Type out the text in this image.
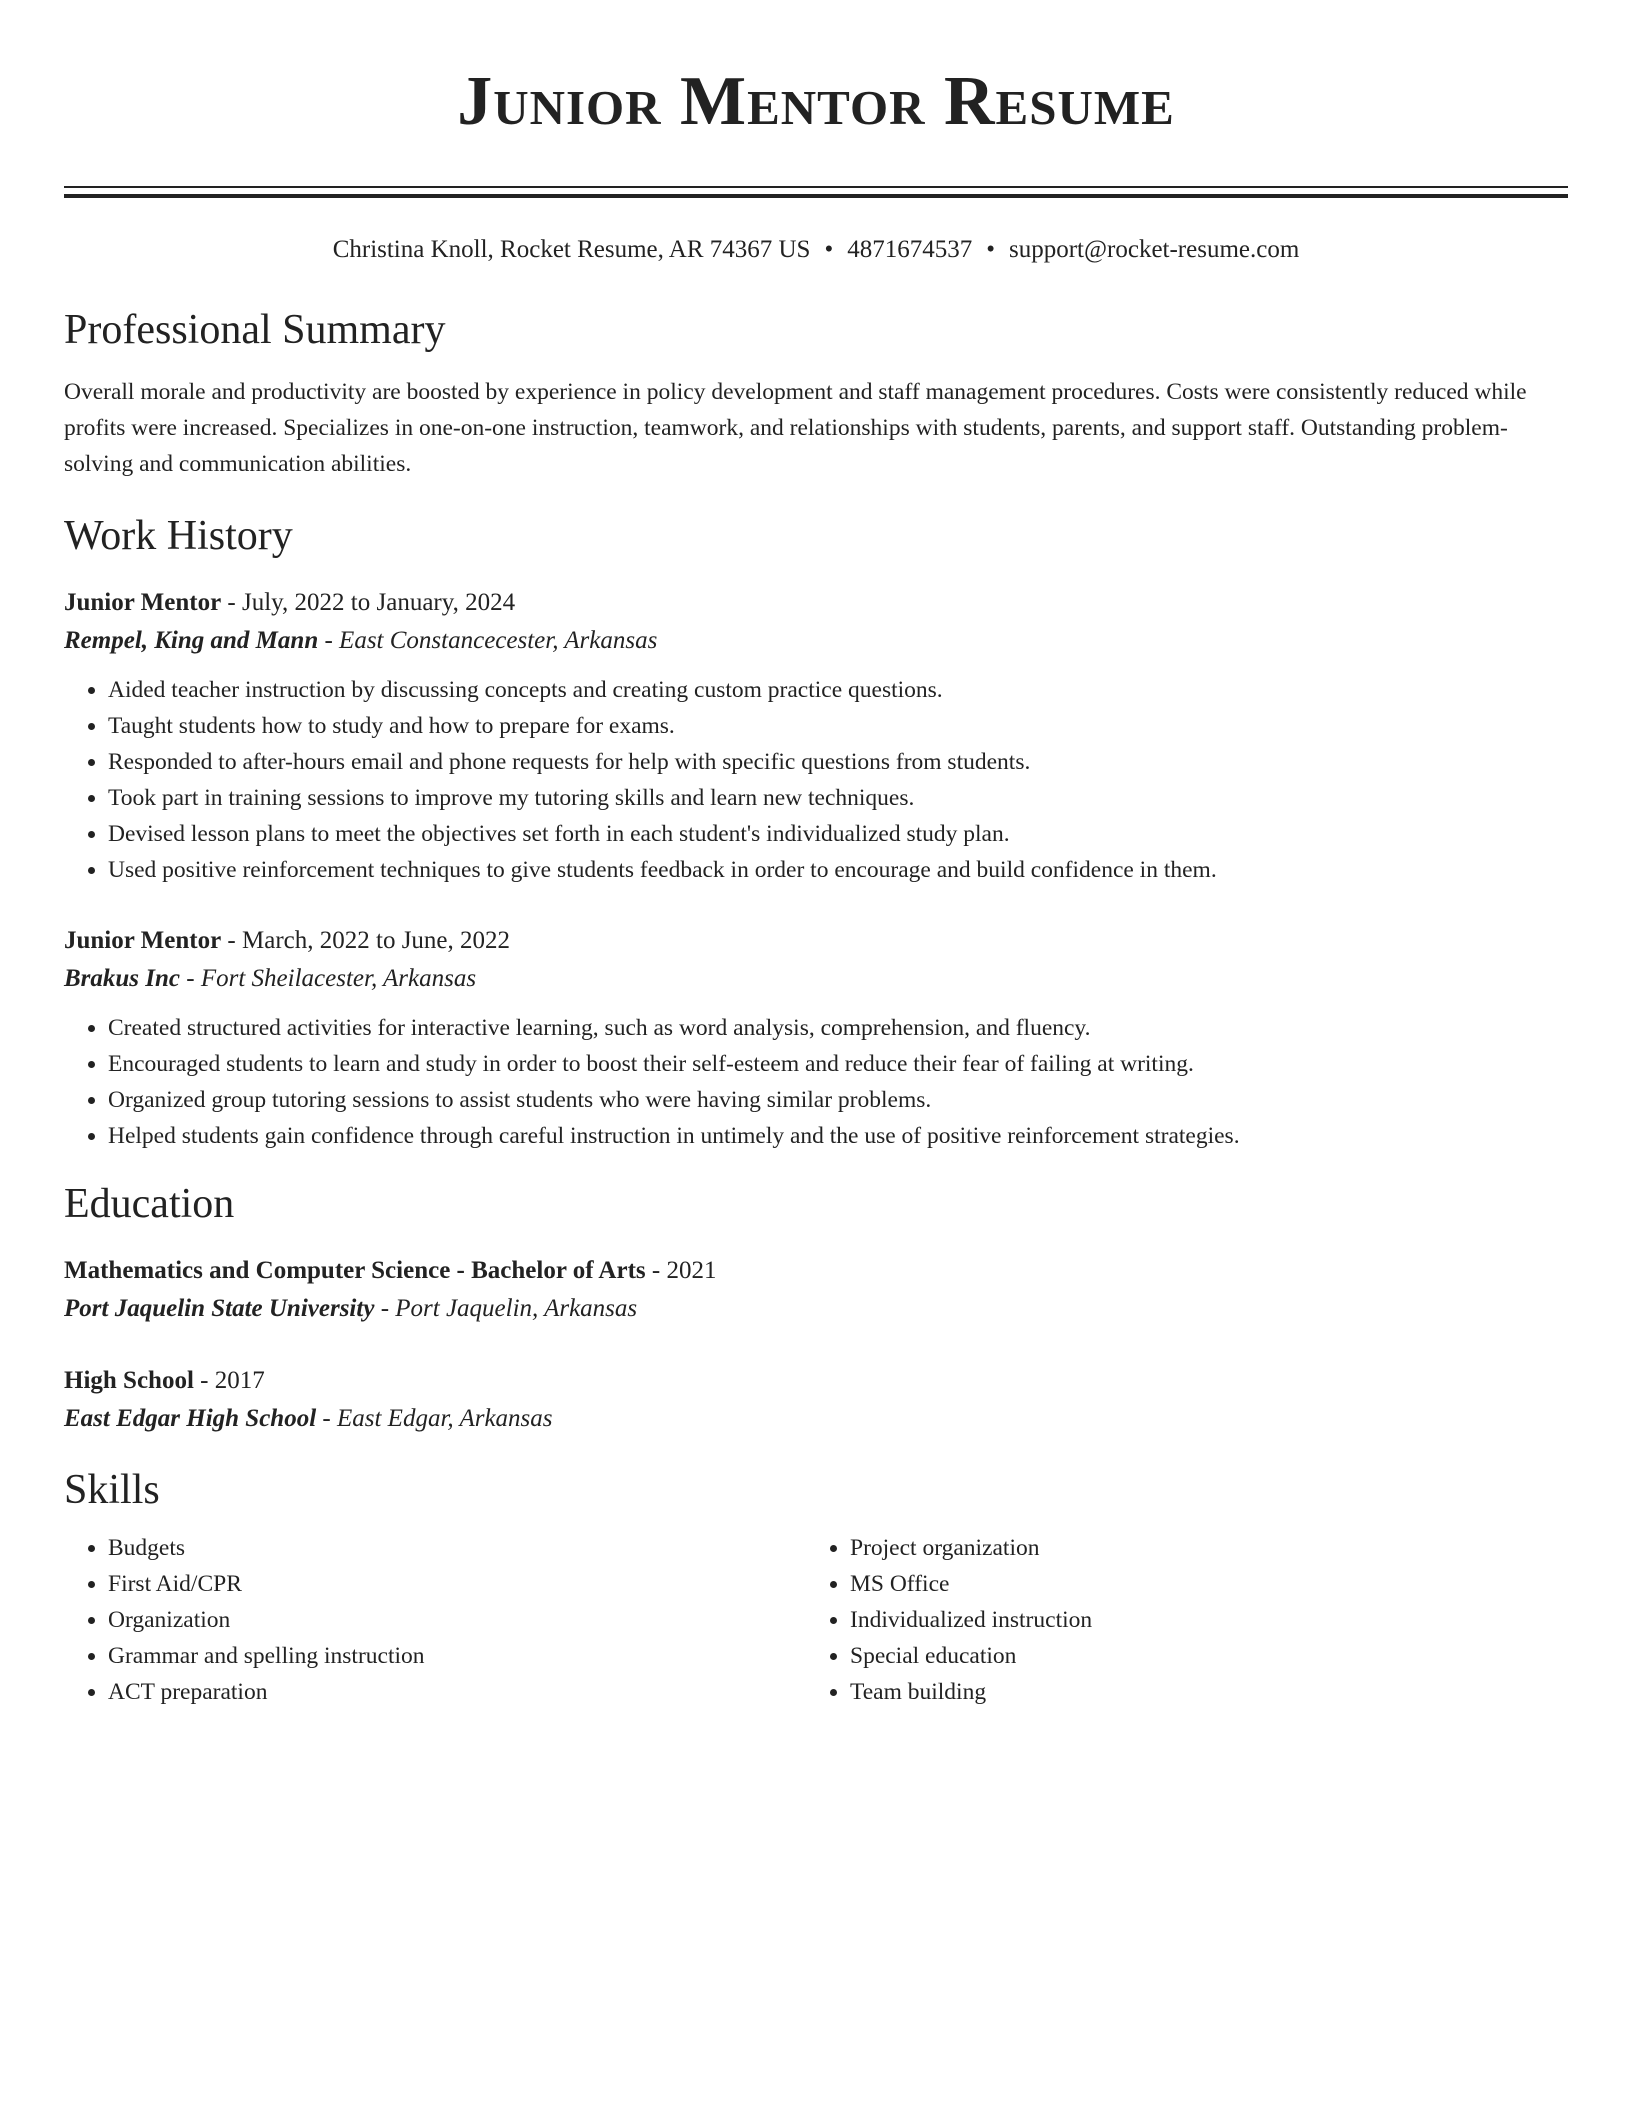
Junior Mentor Resume
Christina Knoll, Rocket Resume, AR 74367 US • 4871674537 • support@rocket-resume.com
Professional Summary
Overall morale and productivity are boosted by experience in policy development and staff management procedures. Costs were consistently reduced while profits were increased. Specializes in one-on-one instruction, teamwork, and relationships with students, parents, and support staff. Outstanding problem-solving and communication abilities.
Work History
Junior Mentor - July, 2022 to January, 2024
Rempel, King and Mann - East Constancecester, Arkansas
• Aided teacher instruction by discussing concepts and creating custom practice questions.
• Taught students how to study and how to prepare for exams.
• Responded to after-hours email and phone requests for help with specific questions from students.
• Took part in training sessions to improve my tutoring skills and learn new techniques.
• Devised lesson plans to meet the objectives set forth in each student's individualized study plan.
• Used positive reinforcement techniques to give students feedback in order to encourage and build confidence in them.
Junior Mentor - March, 2022 to June, 2022
Brakus Inc - Fort Sheilacester, Arkansas
• Created structured activities for interactive learning, such as word analysis, comprehension, and fluency.
• Encouraged students to learn and study in order to boost their self-esteem and reduce their fear of failing at writing.
• Organized group tutoring sessions to assist students who were having similar problems.
• Helped students gain confidence through careful instruction in untimely and the use of positive reinforcement strategies.
Education
Mathematics and Computer Science - Bachelor of Arts - 2021
Port Jaquelin State University - Port Jaquelin, Arkansas
High School - 2017
East Edgar High School - East Edgar, Arkansas
Skills
• Budgets
• First Aid/CPR
• Organization
• Grammar and spelling instruction
• ACT preparation
• Project organization
• MS Office
• Individualized instruction
• Special education
• Team building
